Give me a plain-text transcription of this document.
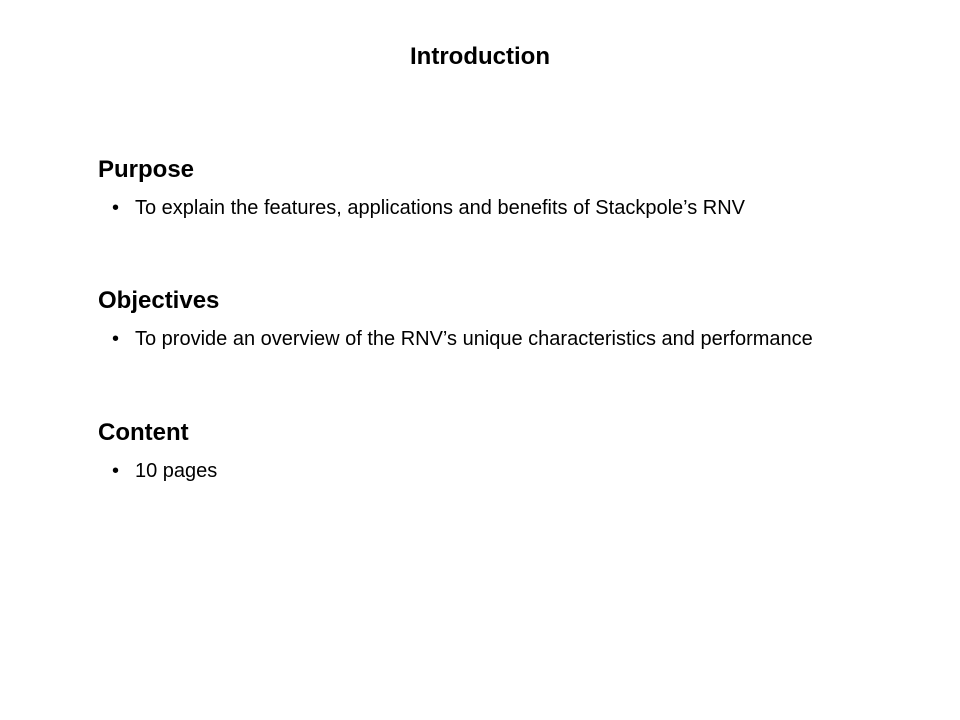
Introduction
Purpose
• To explain the features, applications and benefits of Stackpole’s RNV
Objectives
• To provide an overview of the RNV’s unique characteristics and performance
Content
• 10 pages
